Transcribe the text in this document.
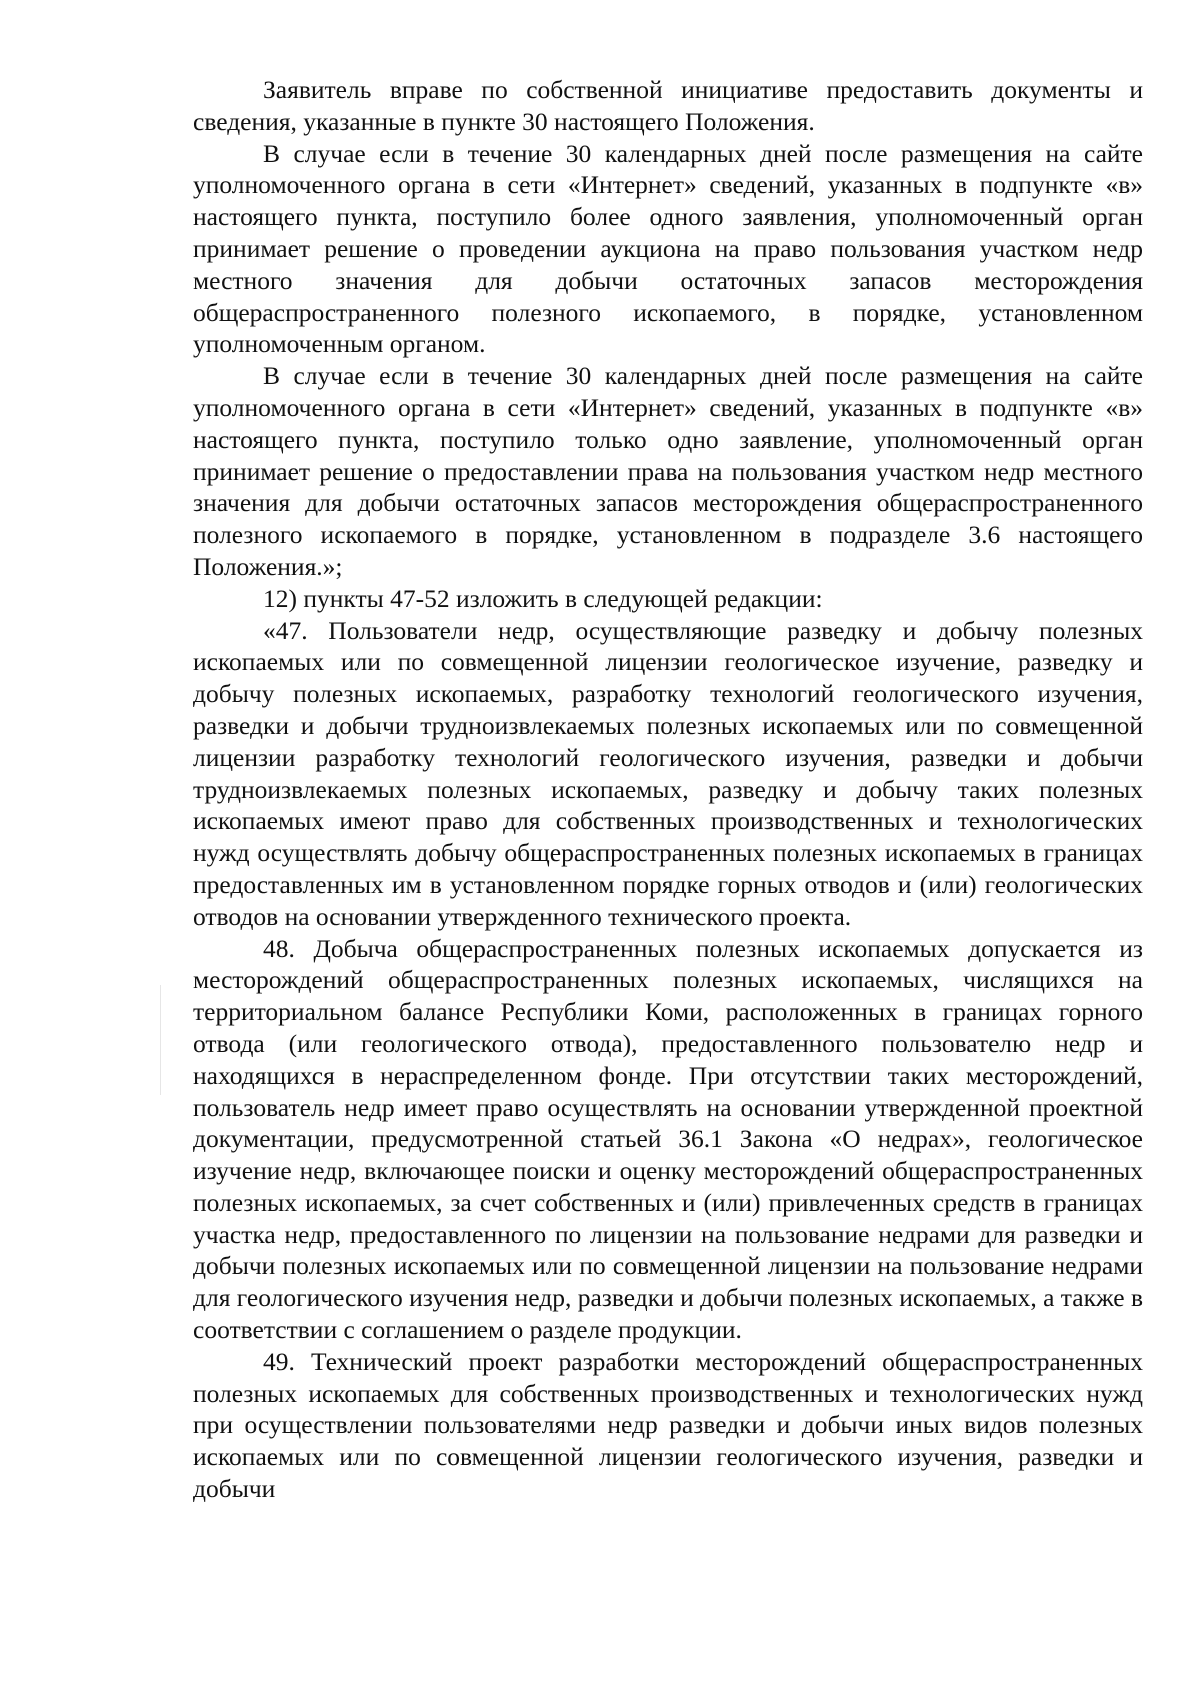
Заявитель вправе по собственной инициативе предоставить документы и сведения, указанные в пункте 30 настоящего Положения.

В случае если в течение 30 календарных дней после размещения на сайте уполномоченного органа в сети «Интернет» сведений, указанных в подпункте «в» настоящего пункта, поступило более одного заявления, уполномоченный орган принимает решение о проведении аукциона на право пользования участком недр местного значения для добычи остаточных запасов месторождения общераспространенного полезного ископаемого, в порядке, установленном уполномоченным органом.

В случае если в течение 30 календарных дней после размещения на сайте уполномоченного органа в сети «Интернет» сведений, указанных в подпункте «в» настоящего пункта, поступило только одно заявление, уполномоченный орган принимает решение о предоставлении права на пользования участком недр местного значения для добычи остаточных запасов месторождения общераспространенного полезного ископаемого в порядке, установленном в подразделе 3.6 настоящего Положения.»;

12) пункты 47-52 изложить в следующей редакции:

«47. Пользователи недр, осуществляющие разведку и добычу полезных ископаемых или по совмещенной лицензии геологическое изучение, разведку и добычу полезных ископаемых, разработку технологий геологического изучения, разведки и добычи трудноизвлекаемых полезных ископаемых или по совмещенной лицензии разработку технологий геологического изучения, разведки и добычи трудноизвлекаемых полезных ископаемых, разведку и добычу таких полезных ископаемых имеют право для собственных производственных и технологических нужд осуществлять добычу общераспространенных полезных ископаемых в границах предоставленных им в установленном порядке горных отводов и (или) геологических отводов на основании утвержденного технического проекта.

48. Добыча общераспространенных полезных ископаемых допускается из месторождений общераспространенных полезных ископаемых, числящихся на территориальном балансе Республики Коми, расположенных в границах горного отвода (или геологического отвода), предоставленного пользователю недр и находящихся в нераспределенном фонде. При отсутствии таких месторождений, пользователь недр имеет право осуществлять на основании утвержденной проектной документации, предусмотренной статьей 36.1 Закона «О недрах», геологическое изучение недр, включающее поиски и оценку месторождений общераспространенных полезных ископаемых, за счет собственных и (или) привлеченных средств в границах участка недр, предоставленного по лицензии на пользование недрами для разведки и добычи полезных ископаемых или по совмещенной лицензии на пользование недрами для геологического изучения недр, разведки и добычи полезных ископаемых, а также в соответствии с соглашением о разделе продукции.

49. Технический проект разработки месторождений общераспространенных полезных ископаемых для собственных производственных и технологических нужд при осуществлении пользователями недр разведки и добычи иных видов полезных ископаемых или по совмещенной лицензии геологического изучения, разведки и добычи
